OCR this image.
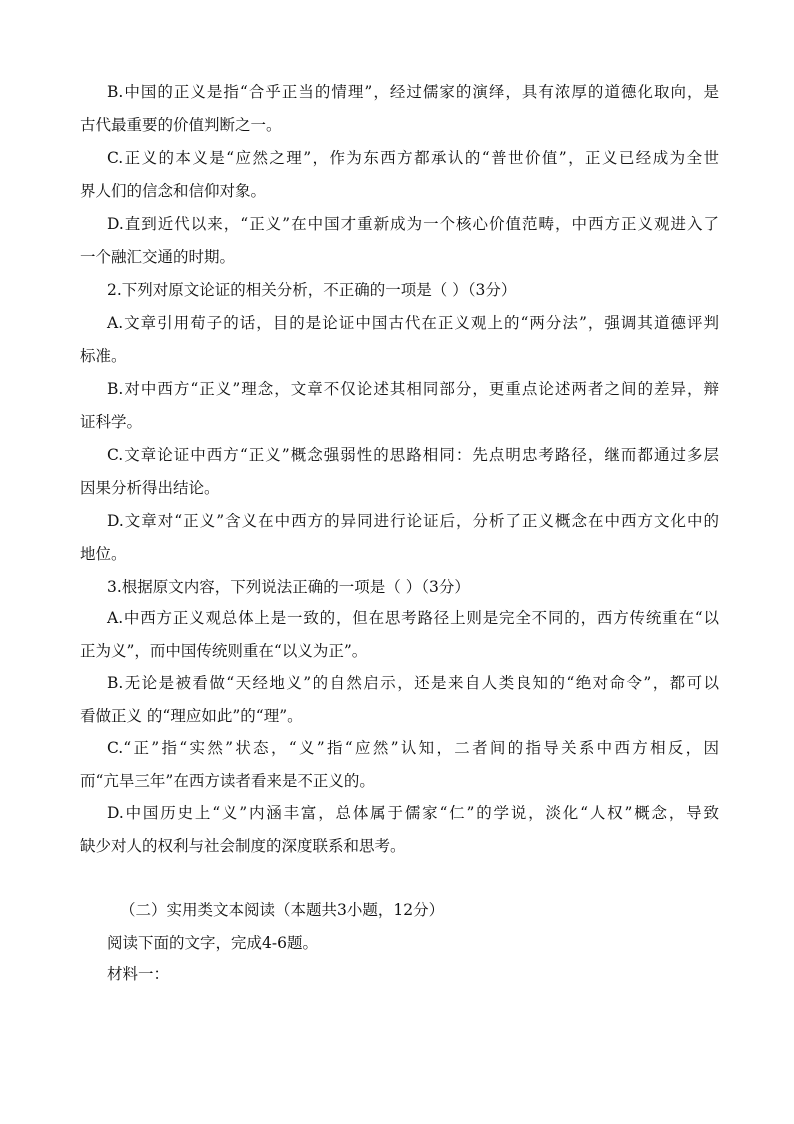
B.中国的正义是指“合乎正当的情理”，经过儒家的演绎，具有浓厚的道德化取向，是
古代最重要的价值判断之一。

C.正义的本义是“应然之理”，作为东西方都承认的“普世价值”，正义已经成为全世
界人们的信念和信仰对象。

D.直到近代以来，“正义”在中国才重新成为一个核心价值范畴，中西方正义观进入了
一个融汇交通的时期。

2.下列对原文论证的相关分析，不正确的一项是（ ）（3分）

A.文章引用荀子的话，目的是论证中国古代在正义观上的“两分法”，强调其道德评判
标准。

B.对中西方“正义”理念，文章不仅论述其相同部分，更重点论述两者之间的差异，辩
证科学。

C.文章论证中西方“正义”概念强弱性的思路相同：先点明忠考路径，继而都通过多层
因果分析得出结论。

D.文章对“正义”含义在中西方的异同进行论证后，分析了正义概念在中西方文化中的
地位。

3.根据原文内容，下列说法正确的一项是（ ）（3分）

A.中西方正义观总体上是一致的，但在思考路径上则是完全不同的，西方传统重在“以
正为义”，而中国传统则重在“以义为正”。

B.无论是被看做“天经地义”的自然启示，还是来自人类良知的“绝对命令”，都可以
看做正义 的“理应如此”的“理”。

C.“正”指“实然”状态，“义”指“应然”认知，二者间的指导关系中西方相反，因
而“亢旱三年”在西方读者看来是不正义的。

D.中国历史上“义”内涵丰富，总体属于儒家“仁”的学说，淡化“人权”概念，导致
缺少对人的权利与社会制度的深度联系和思考。

（二）实用类文本阅读（本题共3小题，12分）
阅读下面的文字，完成4-6题。
材料一：
